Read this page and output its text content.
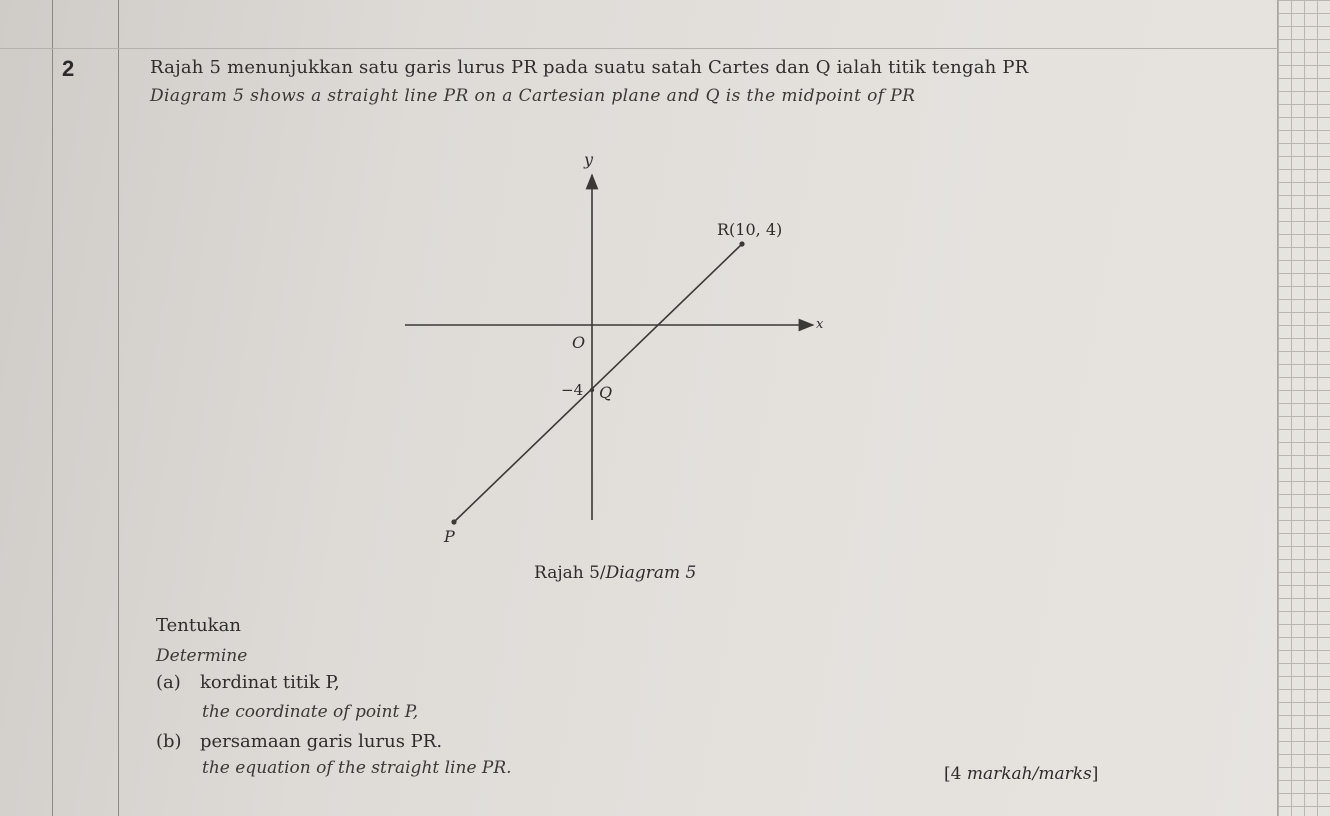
2	Rajah 5 menunjukkan satu garis lurus PR pada suatu satah Cartes dan Q ialah titik tengah PR
Diagram 5 shows a straight line PR on a Cartesian plane and Q is the midpoint of PR
y
x
O
R(10, 4)
−4 Q
P
Rajah 5/Diagram 5
Tentukan
Determine
(a) kordinat titik P,
the coordinate of point P,
(b) persamaan garis lurus PR.
the equation of the straight line PR.	[4 markah/marks]
